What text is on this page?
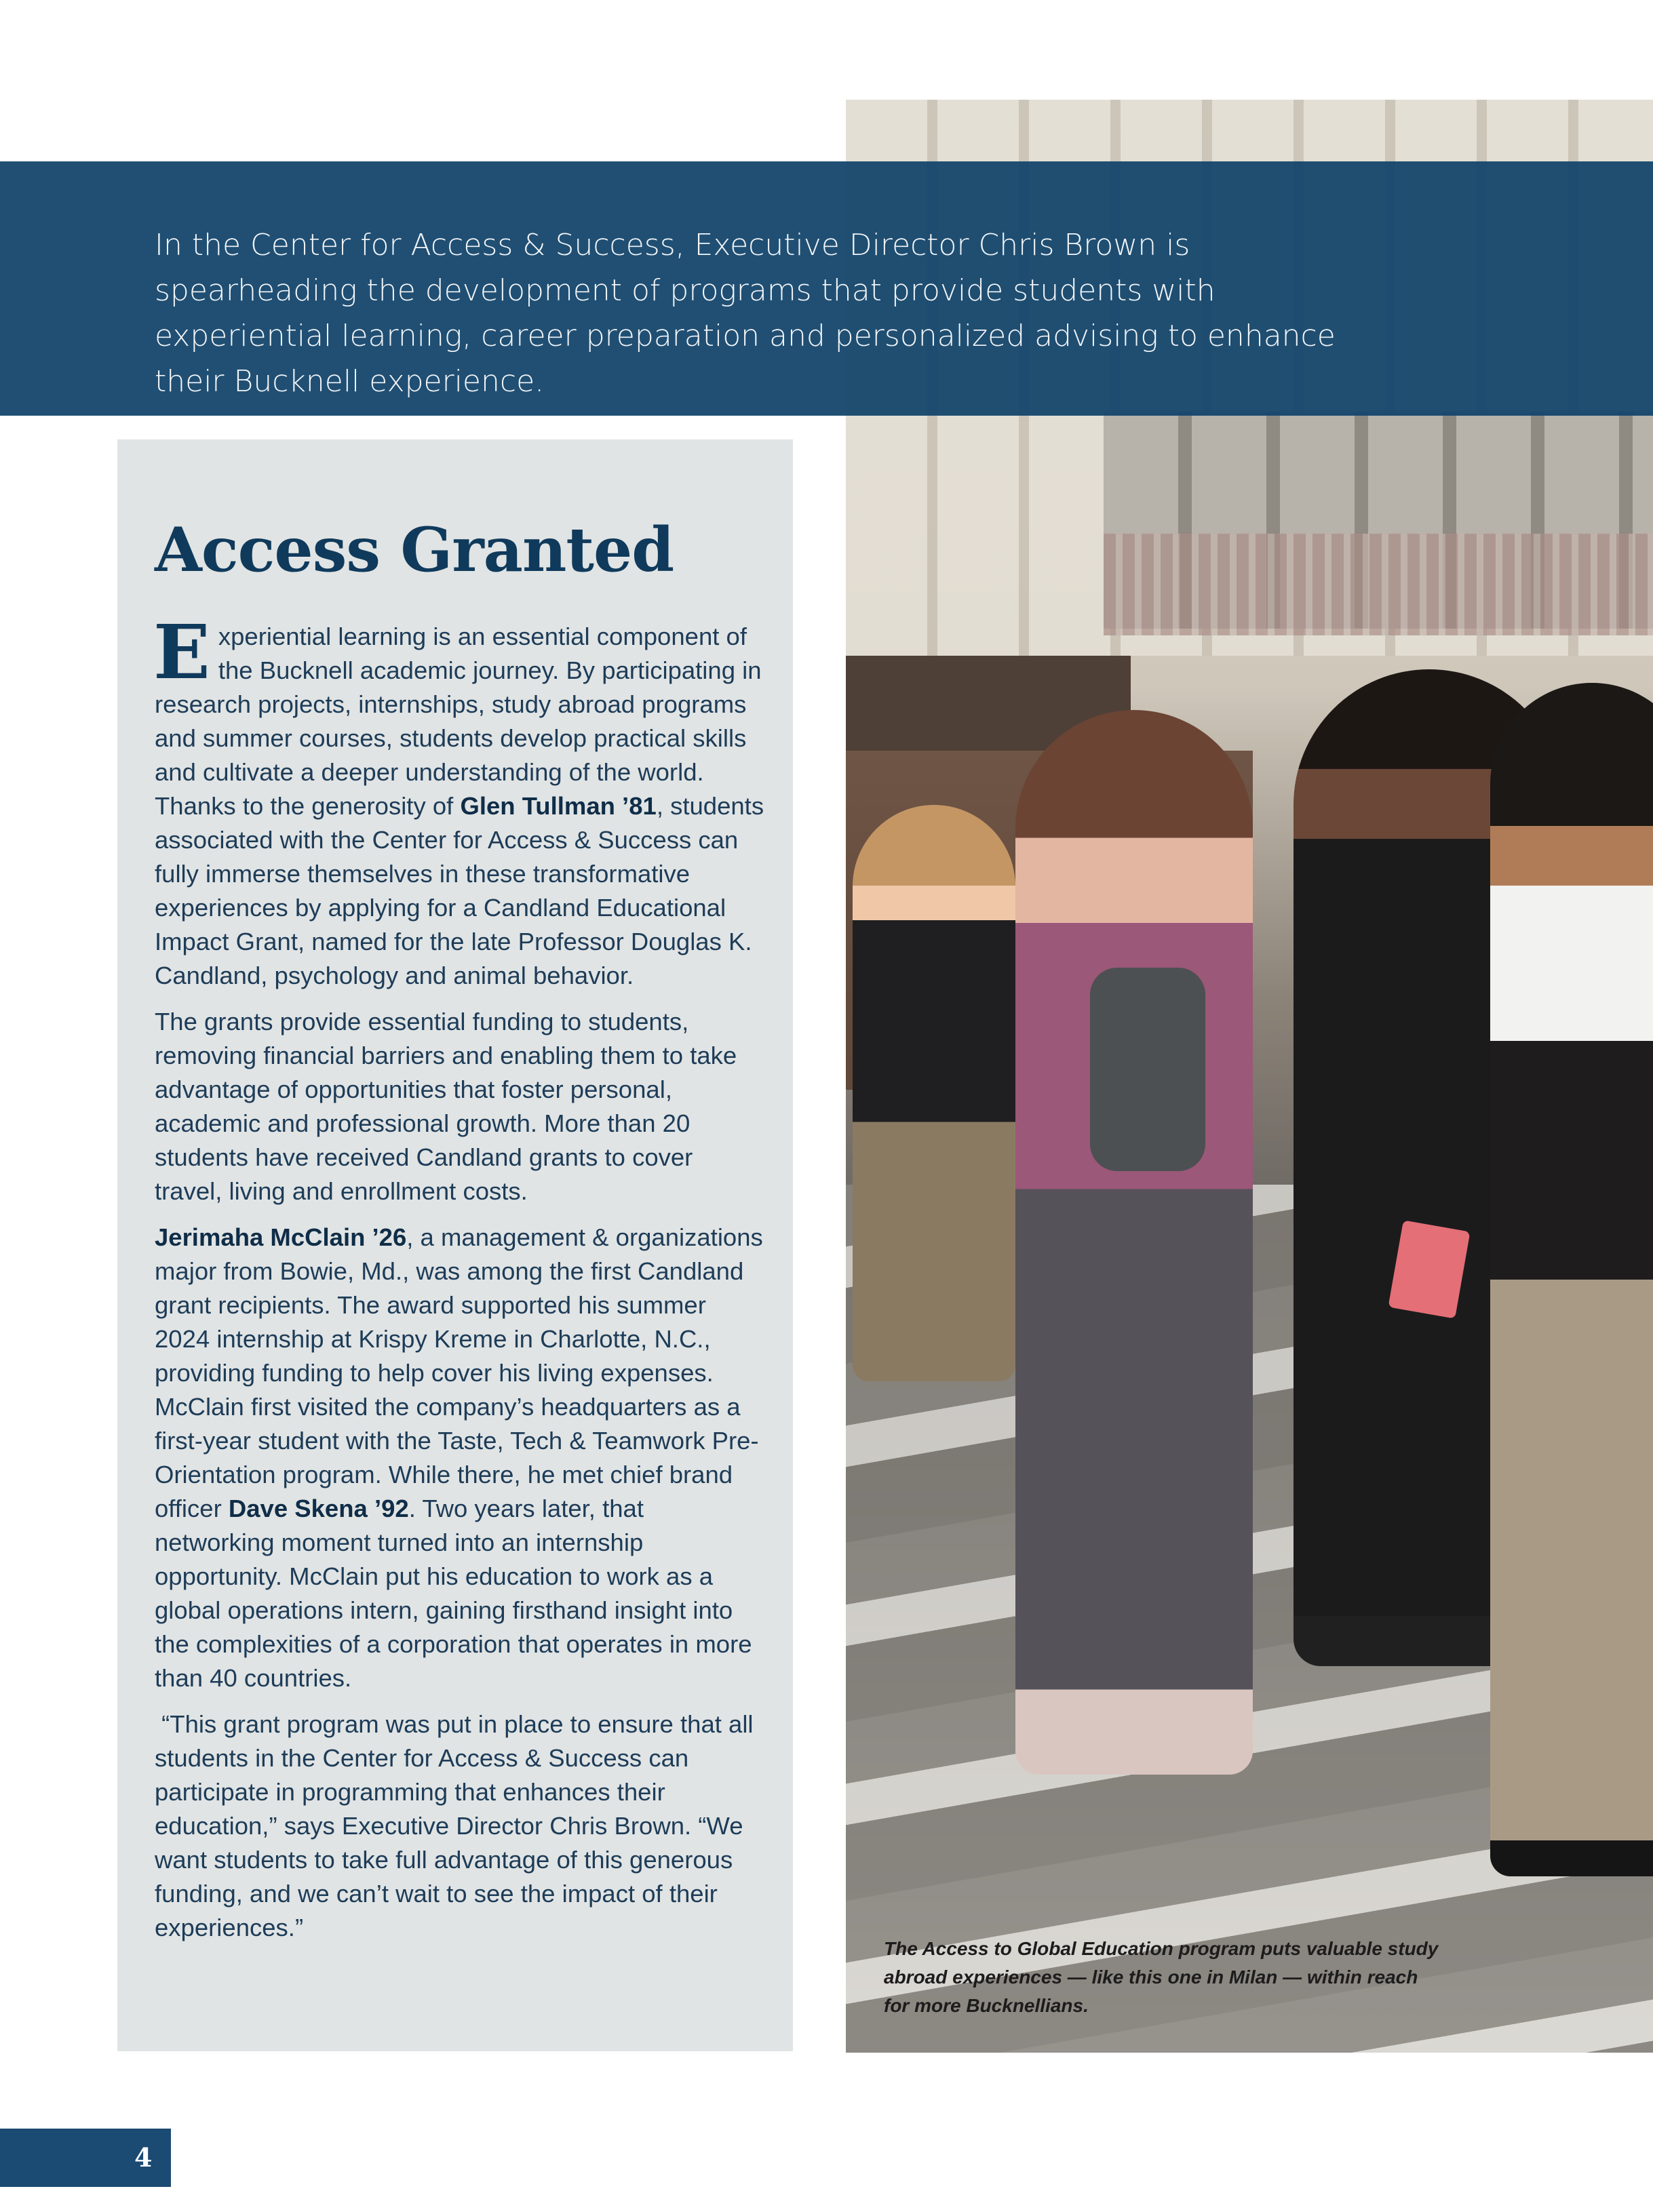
The Access to Global Education program puts valuable study abroad experiences — like this one in Milan — within reach for more Bucknellians.
In the Center for Access & Success, Executive Director Chris Brown is spearheading the development of programs that provide students with experiential learning, career preparation and personalized advising to enhance their Bucknell experience.
Access Granted

Experiential learning is an essential component of the Bucknell academic journey. By participating in research projects, internships, study abroad programs and summer courses, students develop practical skills and cultivate a deeper understanding of the world. Thanks to the generosity of Glen Tullman ’81, students associated with the Center for Access & Success can fully immerse themselves in these transformative experiences by applying for a Candland Educational Impact Grant, named for the late Professor Douglas K. Candland, psychology and animal behavior.

The grants provide essential funding to students, removing financial barriers and enabling them to take advantage of opportunities that foster personal, academic and professional growth. More than 20 students have received Candland grants to cover travel, living and enrollment costs.

Jerimaha McClain ’26, a management & organizations major from Bowie, Md., was among the first Candland grant recipients. The award supported his summer 2024 internship at Krispy Kreme in Charlotte, N.C., providing funding to help cover his living expenses. McClain first visited the company’s headquarters as a first-year student with the Taste, Tech & Teamwork Pre-Orientation program. While there, he met chief brand officer Dave Skena ’92. Two years later, that networking moment turned into an internship opportunity. McClain put his education to work as a global operations intern, gaining firsthand insight into the complexities of a corporation that operates in more than 40 countries.

“This grant program was put in place to ensure that all students in the Center for Access & Success can participate in programming that enhances their education,” says Executive Director Chris Brown. “We want students to take full advantage of this generous funding, and we can’t wait to see the impact of their experiences.”

4
